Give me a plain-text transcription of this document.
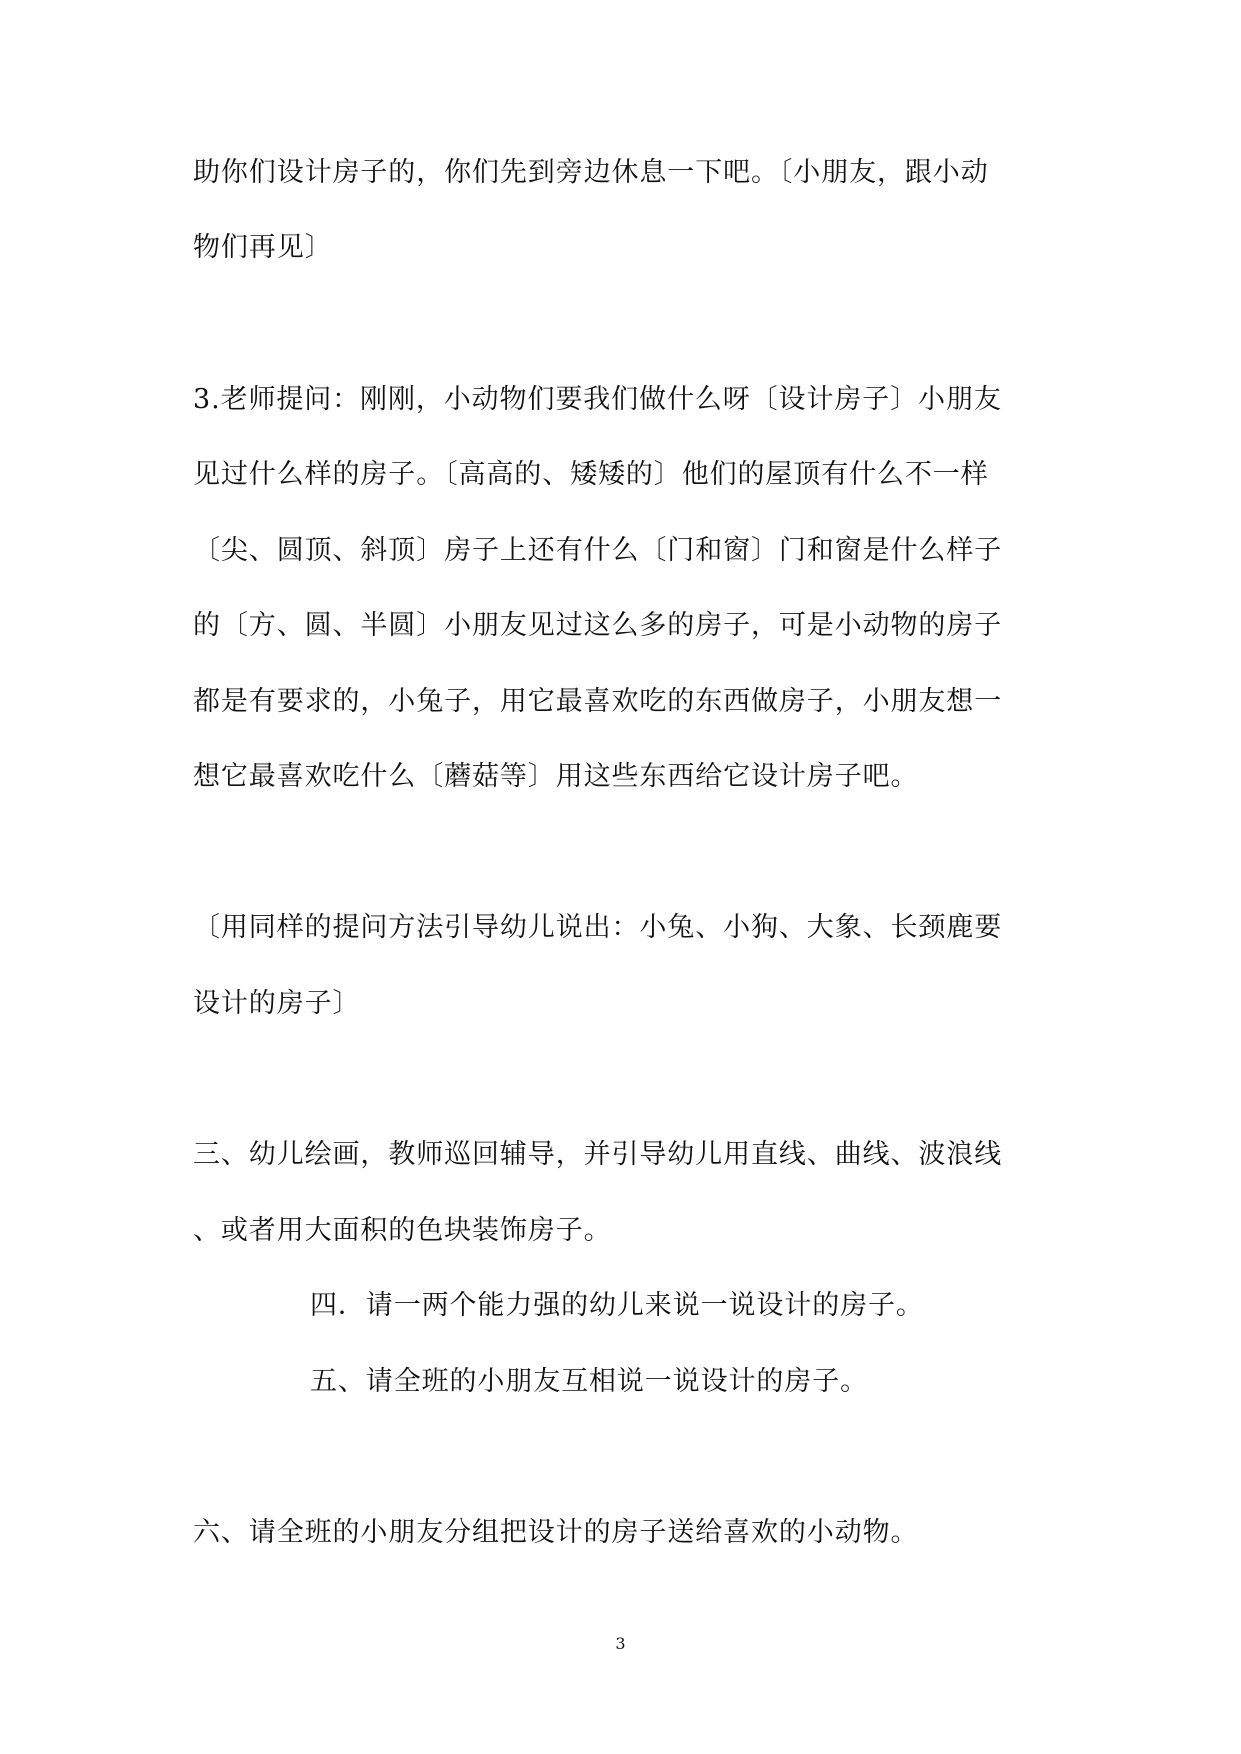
助你们设计房子的，你们先到旁边休息一下吧。〔小朋友，跟小动
物们再见〕
3.老师提问：刚刚，小动物们要我们做什么呀〔设计房子〕小朋友
见过什么样的房子。〔高高的、矮矮的〕他们的屋顶有什么不一样
〔尖、圆顶、斜顶〕房子上还有什么〔门和窗〕门和窗是什么样子
的〔方、圆、半圆〕小朋友见过这么多的房子，可是小动物的房子
都是有要求的，小兔子，用它最喜欢吃的东西做房子，小朋友想一
想它最喜欢吃什么〔蘑菇等〕用这些东西给它设计房子吧。
〔用同样的提问方法引导幼儿说出：小兔、小狗、大象、长颈鹿要
设计的房子〕
三、幼儿绘画，教师巡回辅导，并引导幼儿用直线、曲线、波浪线
、或者用大面积的色块装饰房子。
四．请一两个能力强的幼儿来说一说设计的房子。
五、请全班的小朋友互相说一说设计的房子。
六、请全班的小朋友分组把设计的房子送给喜欢的小动物。
3
